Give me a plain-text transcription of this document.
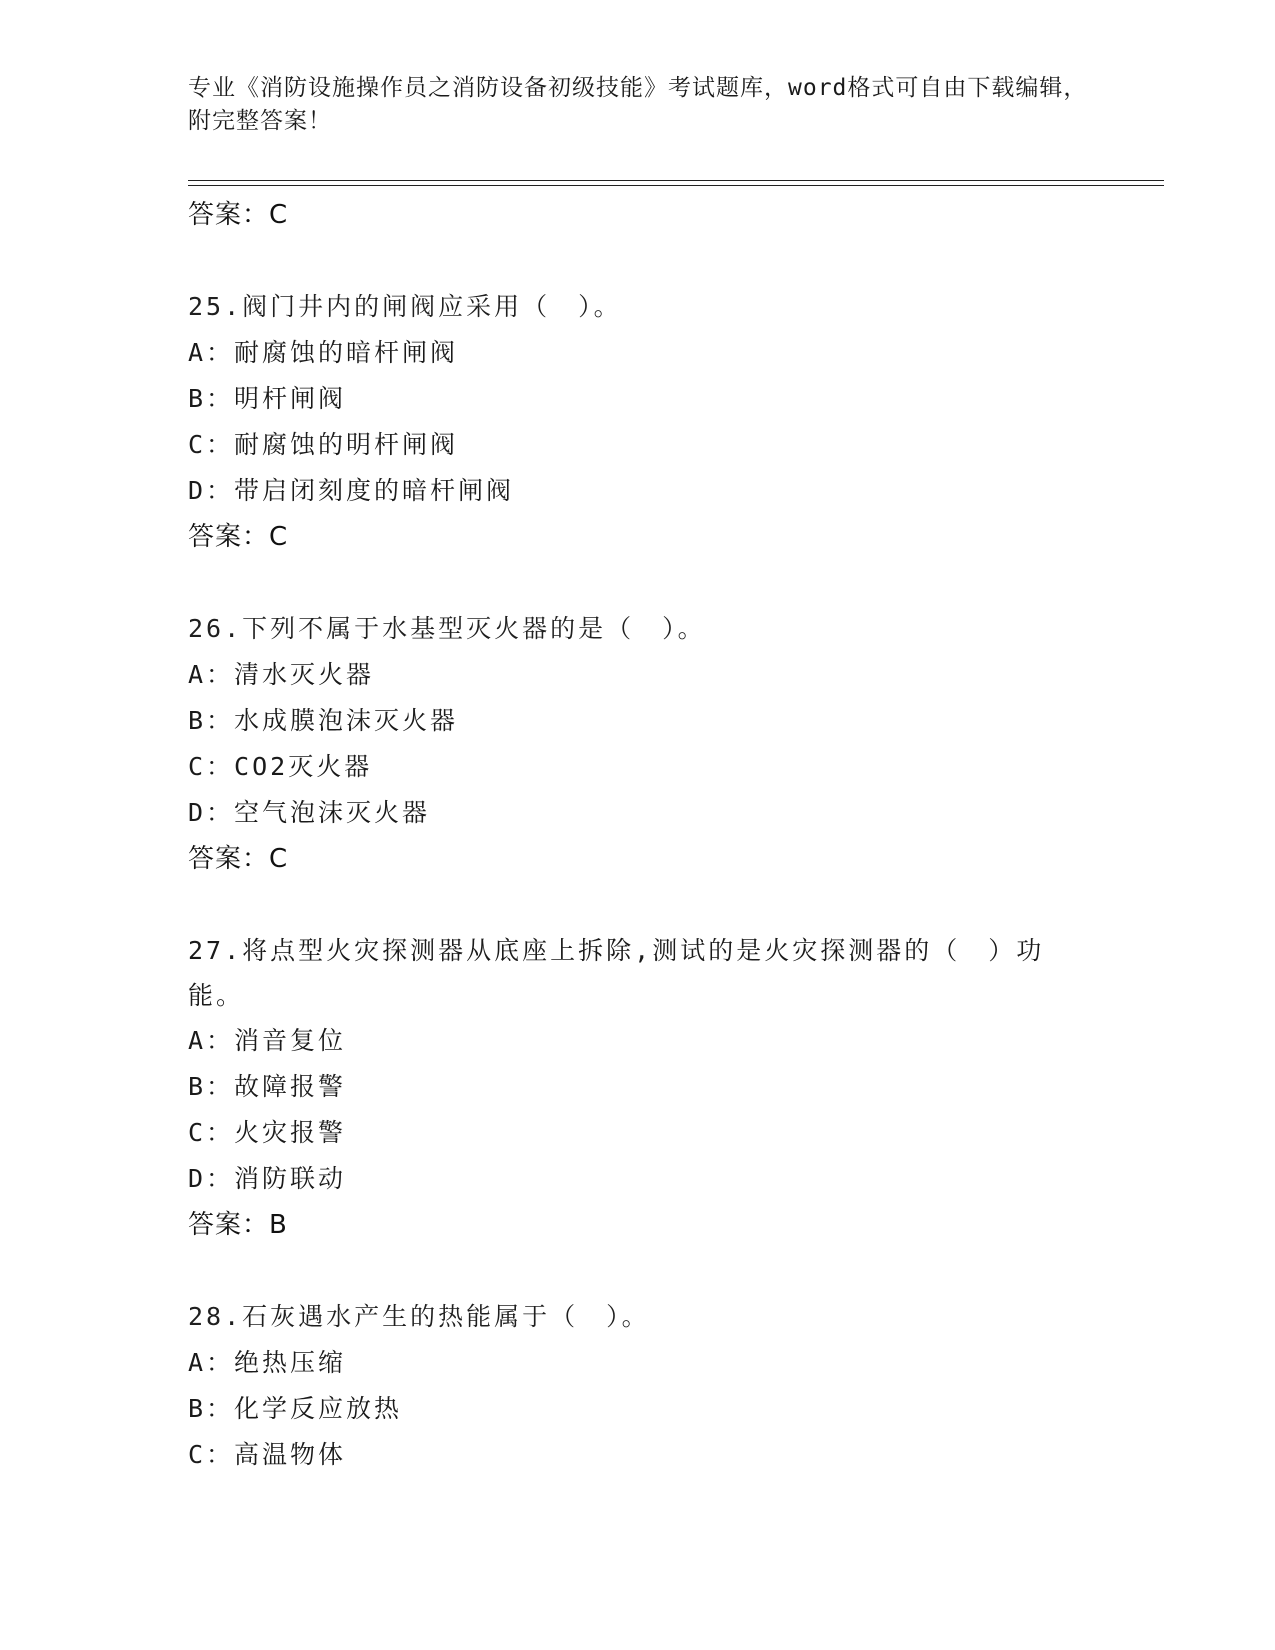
专业《消防设施操作员之消防设备初级技能》考试题库，word格式可自由下载编辑，附完整答案！
答案：C
25.阀门井内的闸阀应采用（　）。
A：耐腐蚀的暗杆闸阀
B：明杆闸阀
C：耐腐蚀的明杆闸阀
D：带启闭刻度的暗杆闸阀
答案：C
26.下列不属于水基型灭火器的是（　）。
A：清水灭火器
B：水成膜泡沫灭火器
C：CO2灭火器
D：空气泡沫灭火器
答案：C
27.将点型火灾探测器从底座上拆除,测试的是火灾探测器的（　）功能。
A：消音复位
B：故障报警
C：火灾报警
D：消防联动
答案：B
28.石灰遇水产生的热能属于（　）。
A：绝热压缩
B：化学反应放热
C：高温物体
